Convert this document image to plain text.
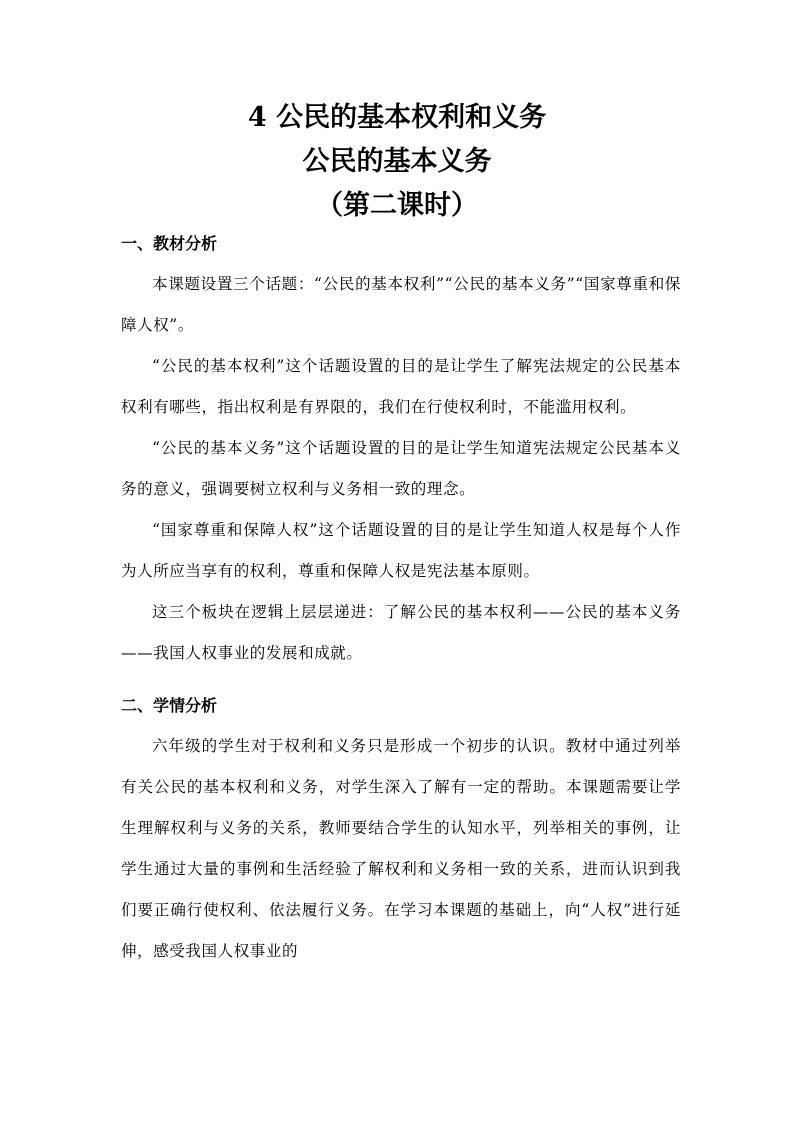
4 公民的基本权利和义务
公民的基本义务
（第二课时）
一、教材分析

本课题设置三个话题：“公民的基本权利”“公民的基本义务”“国家尊重和保障人权”。

“公民的基本权利”这个话题设置的目的是让学生了解宪法规定的公民基本权利有哪些，指出权利是有界限的，我们在行使权利时，不能滥用权利。

“公民的基本义务”这个话题设置的目的是让学生知道宪法规定公民基本义务的意义，强调要树立权利与义务相一致的理念。

“国家尊重和保障人权”这个话题设置的目的是让学生知道人权是每个人作为人所应当享有的权利，尊重和保障人权是宪法基本原则。

这三个板块在逻辑上层层递进：了解公民的基本权利——公民的基本义务——我国人权事业的发展和成就。

二、学情分析

六年级的学生对于权利和义务只是形成一个初步的认识。教材中通过列举有关公民的基本权利和义务，对学生深入了解有一定的帮助。本课题需要让学生理解权利与义务的关系，教师要结合学生的认知水平，列举相关的事例，让学生通过大量的事例和生活经验了解权利和义务相一致的关系，进而认识到我们要正确行使权利、依法履行义务。在学习本课题的基础上，向“人权”进行延伸，感受我国人权事业的
